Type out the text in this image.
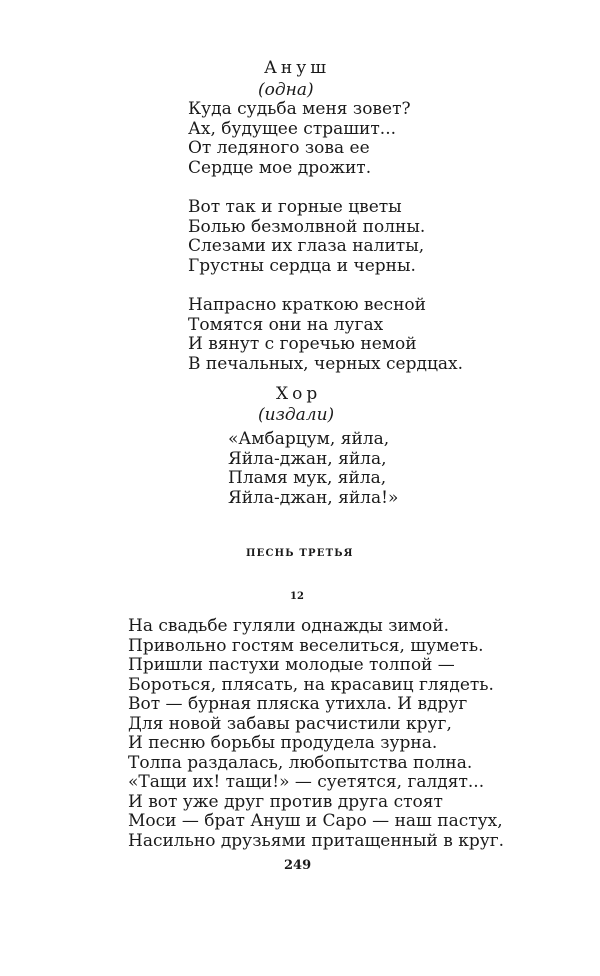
Ануш
(одна)
Куда судьба меня зовет?
Ах, будущее страшит...
От ледяного зова ее
Сердце мое дрожит.
Вот так и горные цветы
Болью безмолвной полны.
Слезами их глаза налиты,
Грустны сердца и черны.
Напрасно краткою весной
Томятся они на лугах
И вянут с горечью немой
В печальных, черных сердцах.
Хор
(издали)
«Амбарцум, яйла,
Яйла-джан, яйла,
Пламя мук, яйла,
Яйла-джан, яйла!»
ПЕСНЬ ТРЕТЬЯ
12
На свадьбе гуляли однажды зимой.
Привольно гостям веселиться, шуметь.
Пришли пастухи молодые толпой —
Бороться, плясать, на красавиц глядеть.
Вот — бурная пляска утихла. И вдруг
Для новой забавы расчистили круг,
И песню борьбы продудела зурна.
Толпа раздалась, любопытства полна.
«Тащи их! тащи!» — суетятся, галдят...
И вот уже друг против друга стоят
Моси — брат Ануш и Саро — наш пастух,
Насильно друзьями притащенный в круг.
249
